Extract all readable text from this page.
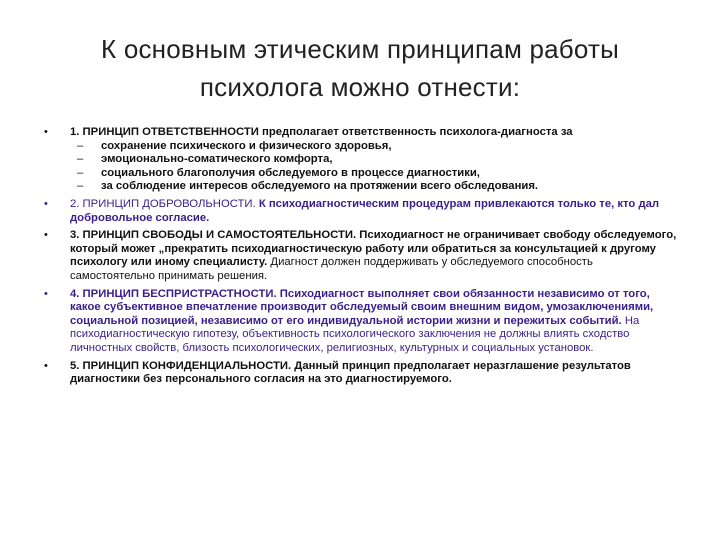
К основным этическим принципам работы
психолога можно отнести:
• 1. ПРИНЦИП ОТВЕТСТВЕННОСТИ предполагает ответственность психолога-диагноста за
– сохранение психического и физического здоровья,
– эмоционально-соматического комфорта,
– социального благополучия обследуемого в процессе диагностики,
– за соблюдение интересов обследуемого на протяжении всего обследования.
• 2. ПРИНЦИП ДОБРОВОЛЬНОСТИ. К психодиагностическим процедурам привлекаются только те, кто дал добровольное согласие.
• 3. ПРИНЦИП СВОБОДЫ И САМОСТОЯТЕЛЬНОСТИ. Психодиагност не ограничивает свободу обследуемого, который может „прекратить психодиагностическую работу или обратиться за консультацией к другому психологу или иному специалисту. Диагност должен поддерживать у обследуемого способность самостоятельно принимать решения.
• 4. ПРИНЦИП БЕСПРИСТРАСТНОСТИ. Психодиагност выполняет свои обязанности независимо от того, какое субъективное впечатление производит обследуемый своим внешним видом, умозаключениями, социальной позицией, независимо от его индивидуальной истории жизни и пережитых событий. На психодиагностическую гипотезу, объективность психологического заключения не должны влиять сходство личностных свойств, близость психологических, религиозных, культурных и социальных установок.
• 5. ПРИНЦИП КОНФИДЕНЦИАЛЬНОСТИ. Данный принцип предполагает неразглашение результатов диагностики без персонального согласия на это диагностируемого.
